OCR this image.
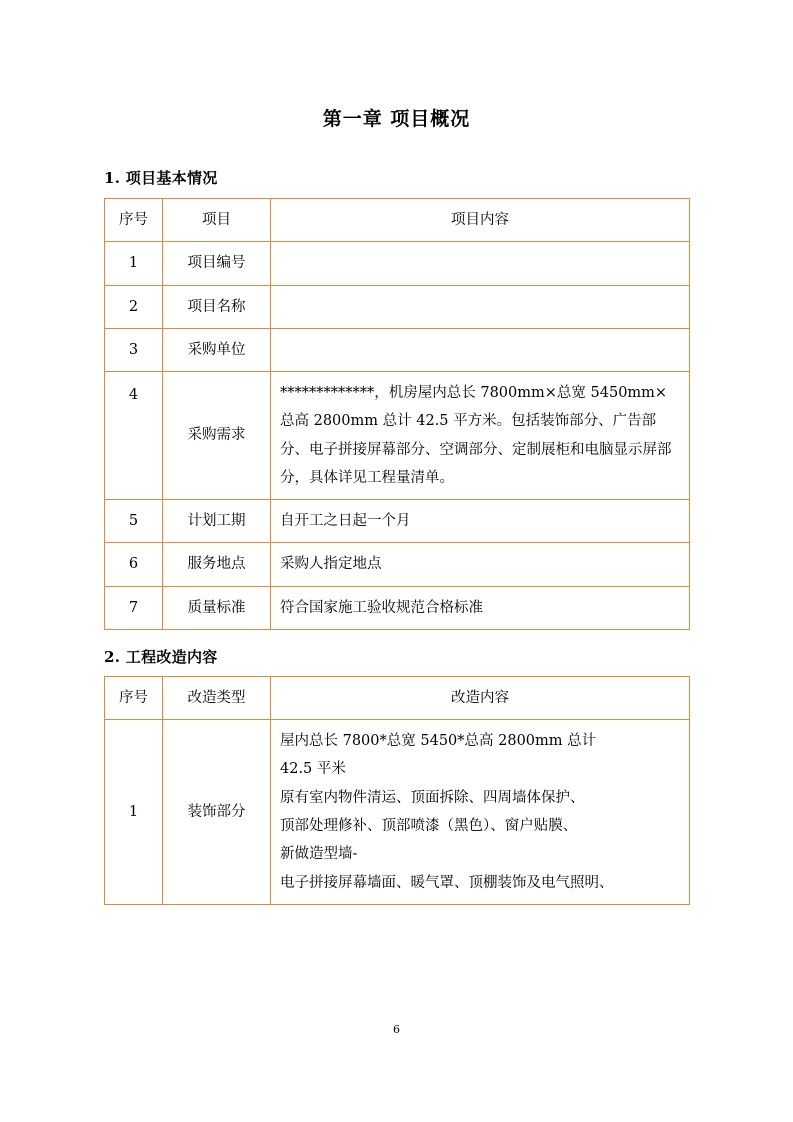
第一章 项目概况
1. 项目基本情况
序号	项目	项目内容
1	项目编号	
2	项目名称	
3	采购单位	
4	采购需求	*************，机房屋内总长 7800mm×总宽 5450mm× 总高 2800mm 总计 42.5 平方米。包括装饰部分、广告部分、电子拼接屏幕部分、空调部分、定制展柜和电脑显示屏部分，具体详见工程量清单。
5	计划工期	自开工之日起一个月
6	服务地点	采购人指定地点
7	质量标准	符合国家施工验收规范合格标准
2. 工程改造内容
序号	改造类型	改造内容
1	装饰部分	
屋内总长 7800*总宽 5450*总高 2800mm 总计
42.5 平米
原有室内物件清运、顶面拆除、四周墙体保护、
顶部处理修补、顶部喷漆（黑色）、窗户贴膜、
新做造型墙-
电子拼接屏幕墙面、暖气罩、顶棚装饰及电气照明、
6
